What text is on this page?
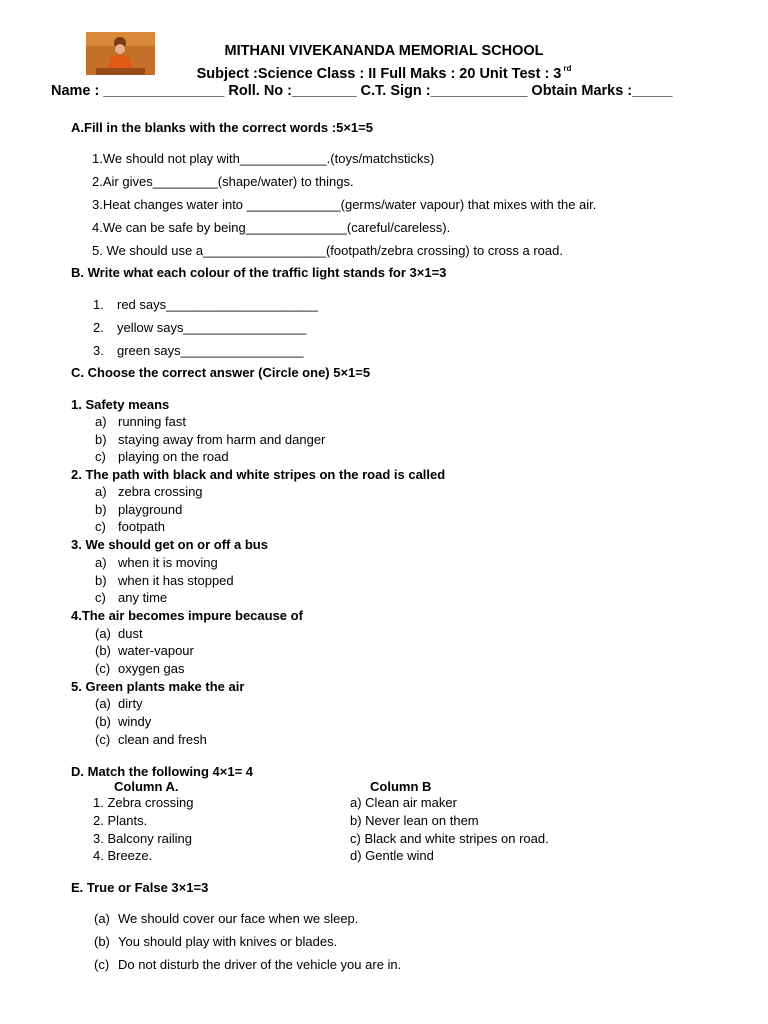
MITHANI VIVEKANANDA MEMORIAL SCHOOL
Subject :Science Class : II Full Maks : 20 Unit Test : 3 $^{rd}$
Name : _______________ Roll. No :________ C.T. Sign :____________ Obtain Marks :_____
A.Fill in the blanks with the correct words :5×1=5
1.We should not play with____________.(toys/matchsticks)
2.Air gives_________(shape/water) to things.
3.Heat changes water into _____________(germs/water vapour) that mixes with the air.
4.We can be safe by being______________(careful/careless).
5. We should use a_________________(footpath/zebra crossing) to cross a road.
B. Write what each colour of the traffic light stands for 3×1=3
1. red says_____________________
2. yellow says_________________
3. green says_________________
C. Choose the correct answer (Circle one) 5×1=5
1. Safety means
a) running fast
b) staying away from harm and danger
c) playing on the road
2. The path with black and white stripes on the road is called
a) zebra crossing
b) playground
c) footpath
3. We should get on or off a bus
a) when it is moving
b) when it has stopped
c) any time
4.The air becomes impure because of
(a) dust
(b) water-vapour
(c) oxygen gas
5. Green plants make the air
(a) dirty
(b) windy
(c) clean and fresh
D. Match the following 4×1= 4
Column A.	Column B
1. Zebra crossing
2. Plants.
3. Balcony railing
4. Breeze.
a) Clean air maker
b) Never lean on them
c) Black and white stripes on road.
d) Gentle wind
E. True or False 3×1=3
(a) We should cover our face when we sleep.
(b) You should play with knives or blades.
(c) Do not disturb the driver of the vehicle you are in.
